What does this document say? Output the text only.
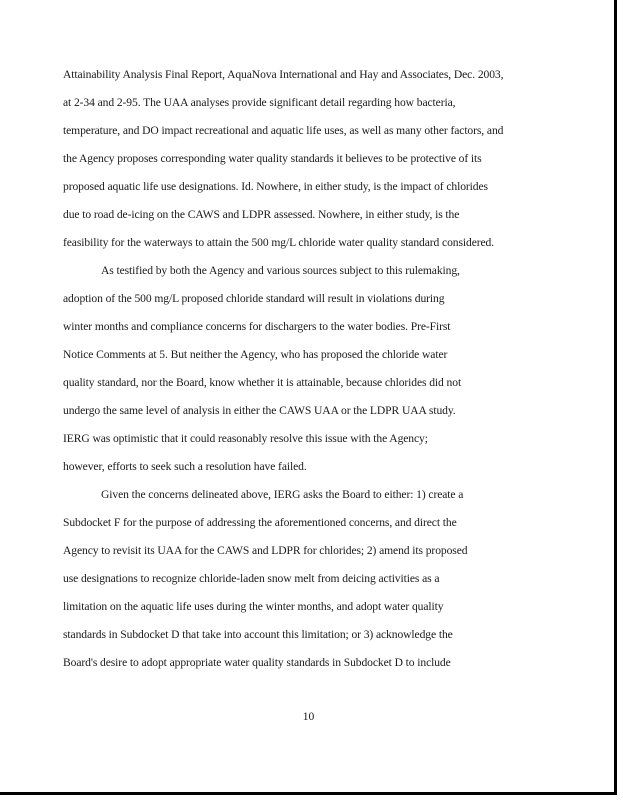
Attainability Analysis Final Report, AquaNova International and Hay and Associates, Dec. 2003,
at 2-34 and 2-95. The UAA analyses provide significant detail regarding how bacteria,
temperature, and DO impact recreational and aquatic life uses, as well as many other factors, and
the Agency proposes corresponding water quality standards it believes to be protective of its
proposed aquatic life use designations. Id. Nowhere, in either study, is the impact of chlorides
due to road de-icing on the CAWS and LDPR assessed. Nowhere, in either study, is the
feasibility for the waterways to attain the 500 mg/L chloride water quality standard considered.
As testified by both the Agency and various sources subject to this rulemaking,
adoption of the 500 mg/L proposed chloride standard will result in violations during
winter months and compliance concerns for dischargers to the water bodies. Pre-First
Notice Comments at 5. But neither the Agency, who has proposed the chloride water
quality standard, nor the Board, know whether it is attainable, because chlorides did not
undergo the same level of analysis in either the CAWS UAA or the LDPR UAA study.
IERG was optimistic that it could reasonably resolve this issue with the Agency;
however, efforts to seek such a resolution have failed.
Given the concerns delineated above, IERG asks the Board to either: 1) create a
Subdocket F for the purpose of addressing the aforementioned concerns, and direct the
Agency to revisit its UAA for the CAWS and LDPR for chlorides; 2) amend its proposed
use designations to recognize chloride-laden snow melt from deicing activities as a
limitation on the aquatic life uses during the winter months, and adopt water quality
standards in Subdocket D that take into account this limitation; or 3) acknowledge the
Board's desire to adopt appropriate water quality standards in Subdocket D to include
10
